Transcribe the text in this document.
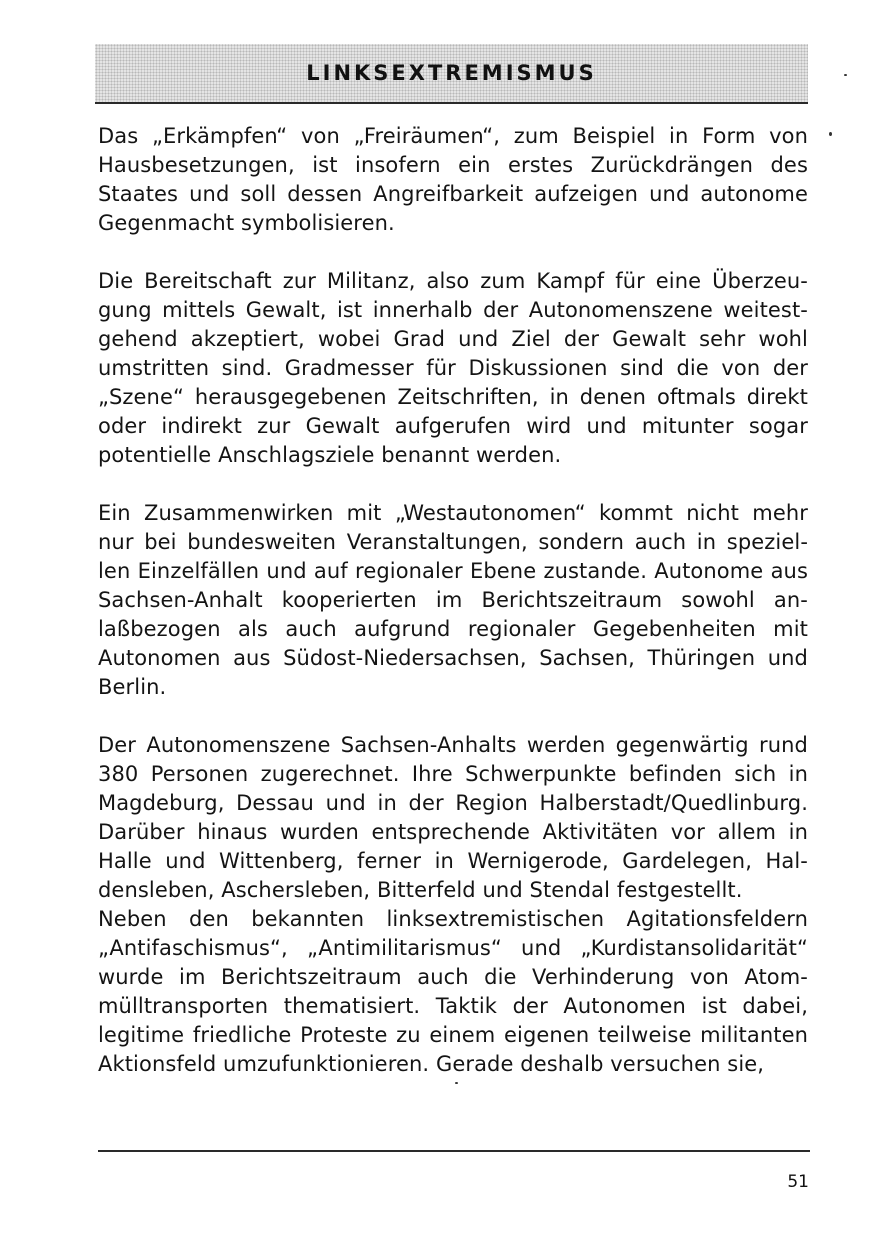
LINKSEXTREMISMUS

Das „Erkämpfen“ von „Freiräumen“, zum Beispiel in Form von Hausbesetzungen, ist insofern ein erstes Zurückdrängen des Staates und soll dessen Angreifbarkeit aufzeigen und autonome Gegenmacht symbolisieren.

Die Bereitschaft zur Militanz, also zum Kampf für eine Überzeu-gung mittels Gewalt, ist innerhalb der Autonomenszene weitest-gehend akzeptiert, wobei Grad und Ziel der Gewalt sehr wohl umstritten sind. Gradmesser für Diskussionen sind die von der „Szene“ herausgegebenen Zeitschriften, in denen oftmals direkt oder indirekt zur Gewalt aufgerufen wird und mitunter sogar potentielle Anschlagsziele benannt werden.

Ein Zusammenwirken mit „Westautonomen“ kommt nicht mehr nur bei bundesweiten Veranstaltungen, sondern auch in speziel-len Einzelfällen und auf regionaler Ebene zustande. Autonome aus Sachsen-Anhalt kooperierten im Berichtszeitraum sowohl an-laßbezogen als auch aufgrund regionaler Gegebenheiten mit Autonomen aus Südost-Niedersachsen, Sachsen, Thüringen und Berlin.

Der Autonomenszene Sachsen-Anhalts werden gegenwärtig rund 380 Personen zugerechnet. Ihre Schwerpunkte befinden sich in Magdeburg, Dessau und in der Region Halberstadt/Quedlinburg. Darüber hinaus wurden entsprechende Aktivitäten vor allem in Halle und Wittenberg, ferner in Wernigerode, Gardelegen, Hal-densleben, Aschersleben, Bitterfeld und Stendal festgestellt.

Neben den bekannten linksextremistischen Agitationsfeldern „Antifaschismus“, „Antimilitarismus“ und „Kurdistansolidarität“ wurde im Berichtszeitraum auch die Verhinderung von Atom-mülltransporten thematisiert. Taktik der Autonomen ist dabei, legitime friedliche Proteste zu einem eigenen teilweise militanten Aktionsfeld umzufunktionieren. Gerade deshalb versuchen sie,

51
